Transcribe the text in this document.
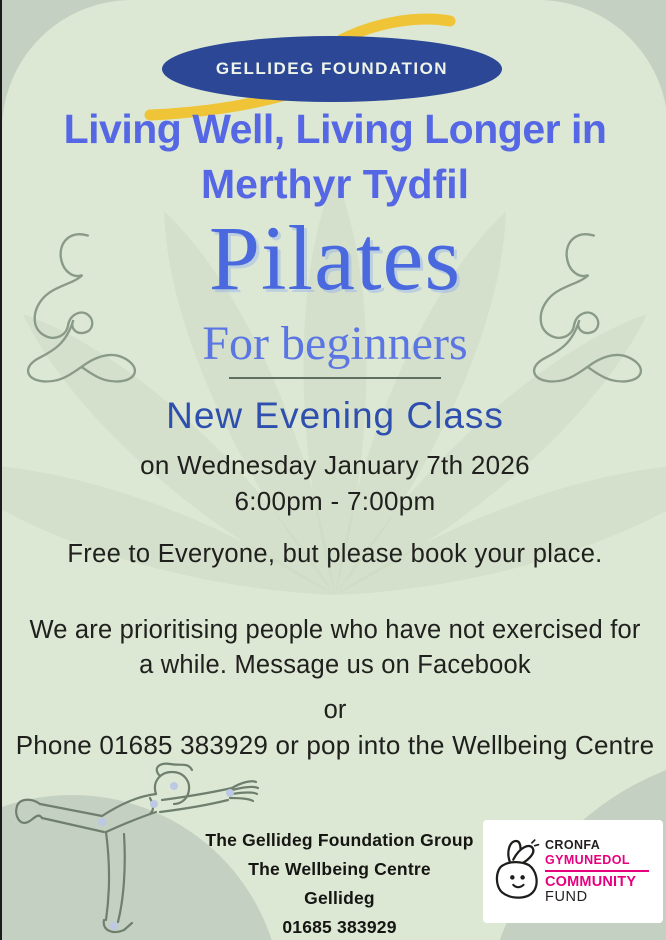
GELLIDEG FOUNDATION
Living Well, Living Longer in
Merthyr Tydfil
Pilates
For beginners
New Evening Class
on Wednesday January 7th 2026
6:00pm - 7:00pm
Free to Everyone, but please book your place.
We are prioritising people who have not exercised for
a while. Message us on Facebook
or
Phone 01685 383929 or pop into the Wellbeing Centre
The Gellideg Foundation Group
The Wellbeing Centre
Gellideg
01685 383929
CRONFA
GYMUNEDOL
COMMUNITY
FUND
